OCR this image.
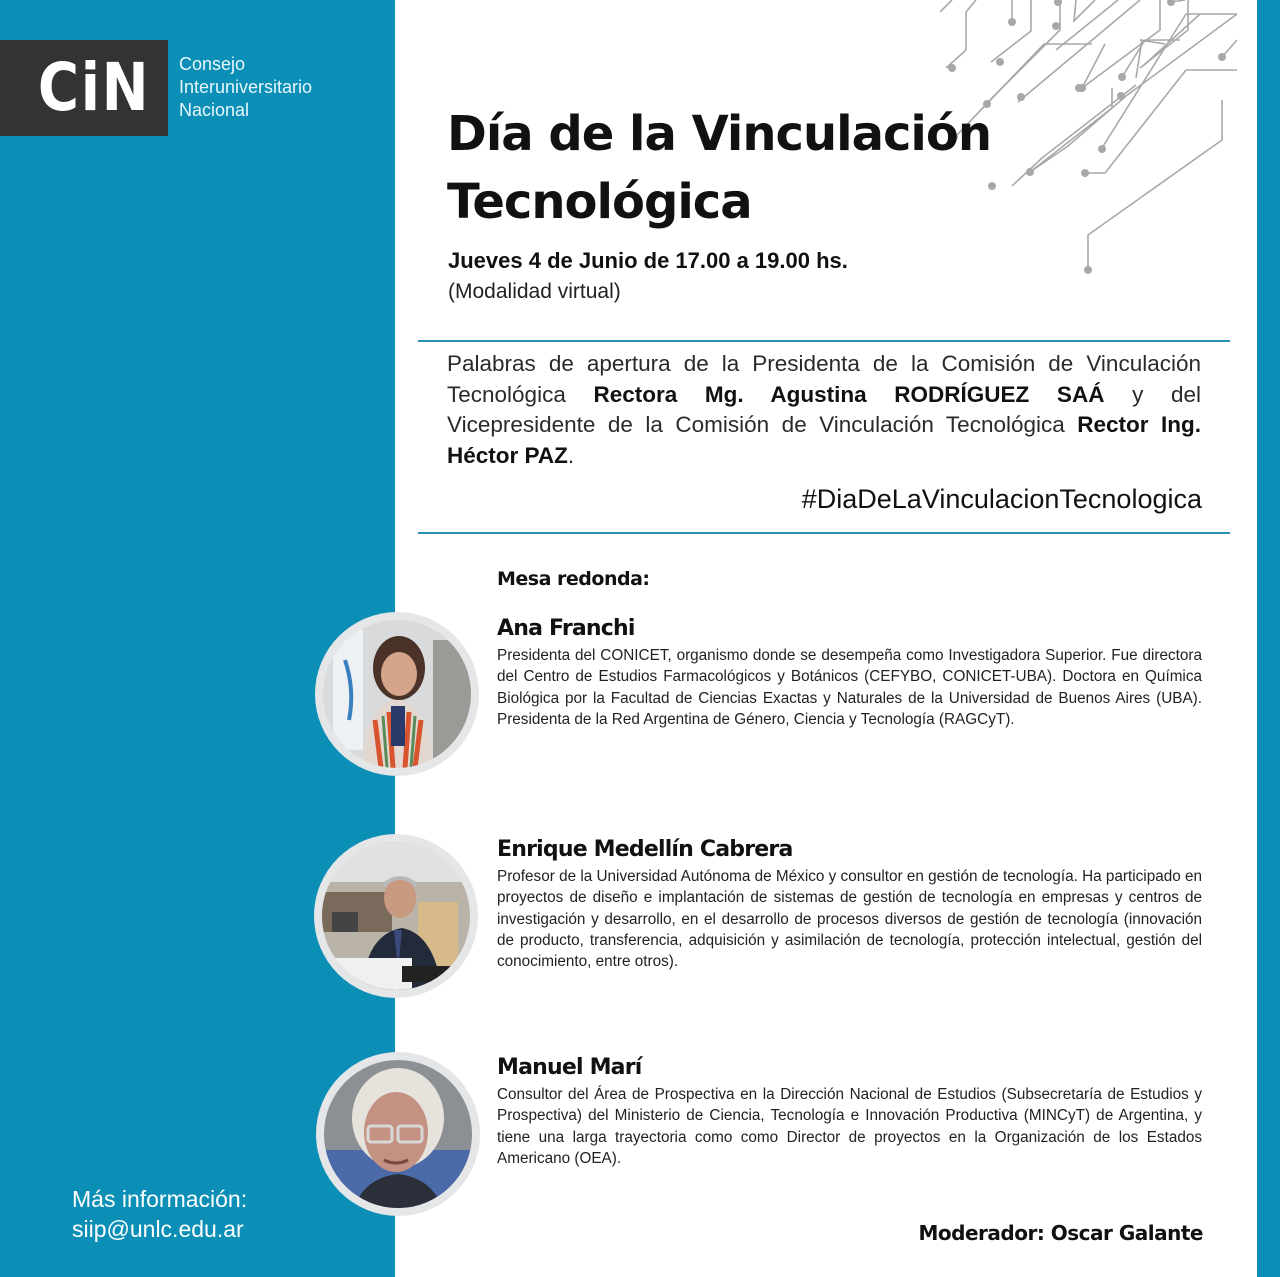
CiN Consejo
Interuniversitario
Nacional	Día de la Vinculación
Tecnológica
Jueves 4 de Junio de 17.00 a 19.00 hs.
(Modalidad virtual)

Palabras de apertura de la Presidenta de la Comisión de Vinculación Tecnológica Rectora Mg. Agustina RODRÍGUEZ SAÁ y del Vicepresidente de la Comisión de Vinculación Tecnológica Rector Ing. Héctor PAZ.

#DiaDeLaVinculacionTecnologica
Mesa redonda:
Ana Franchi
Presidenta del CONICET, organismo donde se desempeña como Investigadora Superior. Fue directora del Centro de Estudios Farmacológicos y Botánicos (CEFYBO, CONICET-UBA). Doctora en Química Biológica por la Facultad de Ciencias Exactas y Naturales de la Universidad de Buenos Aires (UBA). Presidenta de la Red Argentina de Género, Ciencia y Tecnología (RAGCyT).
Enrique Medellín Cabrera
Profesor de la Universidad Autónoma de México y consultor en gestión de tecnología. Ha participado en proyectos de diseño e implantación de sistemas de gestión de tecnología en empresas y centros de investigación y desarrollo, en el desarrollo de procesos diversos de gestión de tecnología (innovación de producto, transferencia, adquisición y asimilación de tecnología, protección intelectual, gestión del conocimiento, entre otros).
Manuel Marí
Consultor del Área de Prospectiva en la Dirección Nacional de Estudios (Subsecretaría de Estudios y Prospectiva) del Ministerio de Ciencia, Tecnología e Innovación Productiva (MINCyT) de Argentina, y tiene una larga trayectoria como como Director de proyectos en la Organización de los Estados Americano (OEA).
Más información:
siip@unlc.edu.ar	Moderador: Oscar Galante
